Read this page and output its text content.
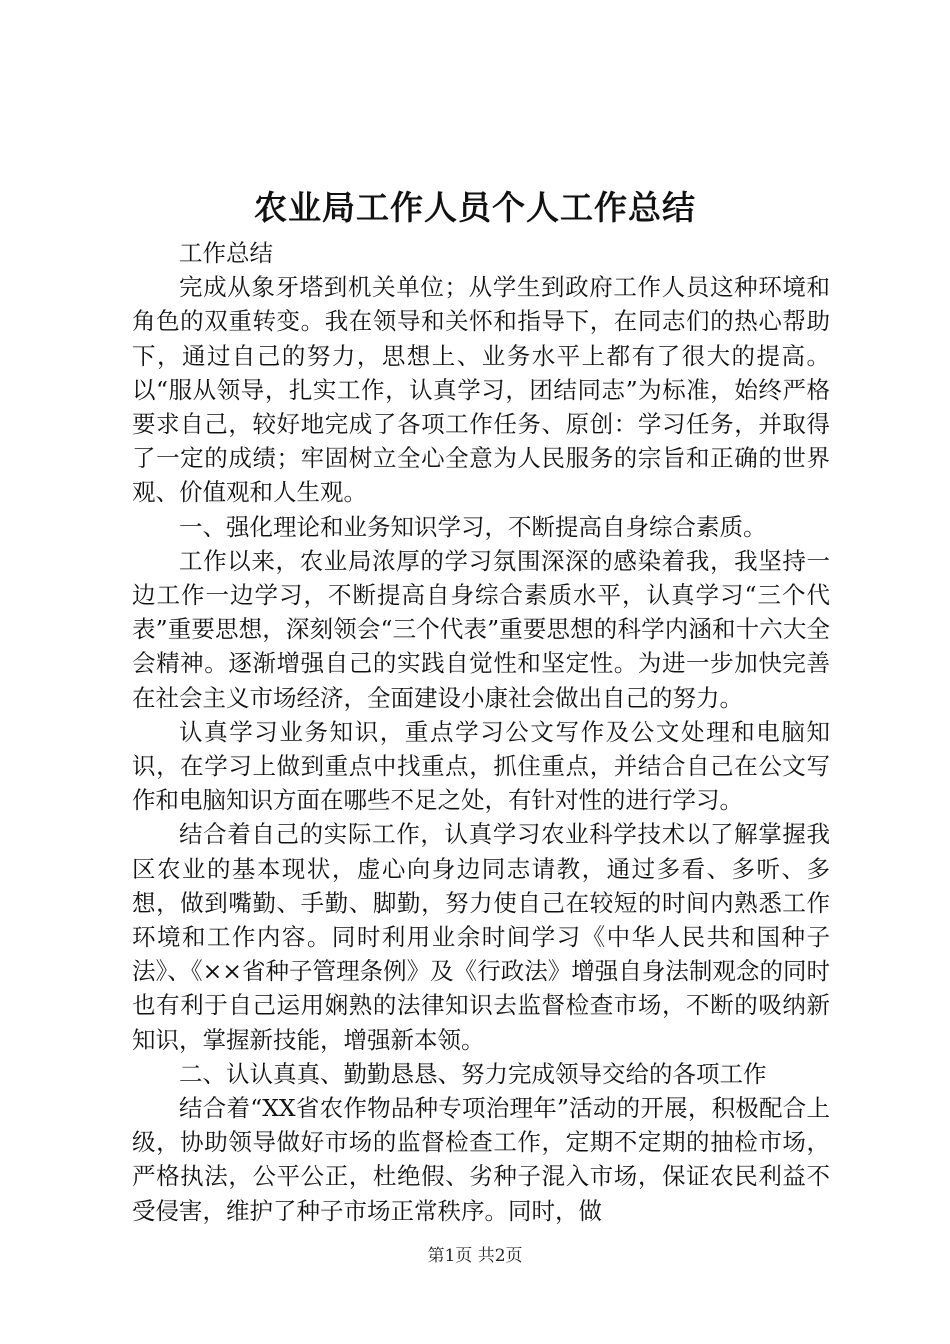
农业局工作人员个人工作总结

工作总结

完成从象牙塔到机关单位；从学生到政府工作人员这种环境和角色的双重转变。我在领导和关怀和指导下，在同志们的热心帮助下，通过自己的努力，思想上、业务水平上都有了很大的提高。以“服从领导，扎实工作，认真学习，团结同志”为标准，始终严格要求自己，较好地完成了各项工作任务、原创：学习任务，并取得了一定的成绩；牢固树立全心全意为人民服务的宗旨和正确的世界观、价值观和人生观。

一、强化理论和业务知识学习，不断提高自身综合素质。

工作以来，农业局浓厚的学习氛围深深的感染着我，我坚持一边工作一边学习，不断提高自身综合素质水平，认真学习“三个代表”重要思想，深刻领会“三个代表”重要思想的科学内涵和十六大全会精神。逐渐增强自己的实践自觉性和坚定性。为进一步加快完善在社会主义市场经济，全面建设小康社会做出自己的努力。

认真学习业务知识，重点学习公文写作及公文处理和电脑知识，在学习上做到重点中找重点，抓住重点，并结合自己在公文写作和电脑知识方面在哪些不足之处，有针对性的进行学习。

结合着自己的实际工作，认真学习农业科学技术以了解掌握我区农业的基本现状，虚心向身边同志请教，通过多看、多听、多想，做到嘴勤、手勤、脚勤，努力使自己在较短的时间内熟悉工作环境和工作内容。同时利用业余时间学习《中华人民共和国种子法》、《××省种子管理条例》及《行政法》增强自身法制观念的同时也有利于自己运用娴熟的法律知识去监督检查市场，不断的吸纳新知识，掌握新技能，增强新本领。

二、认认真真、勤勤恳恳、努力完成领导交给的各项工作

结合着“XX省农作物品种专项治理年”活动的开展，积极配合上级，协助领导做好市场的监督检查工作，定期不定期的抽检市场，严格执法，公平公正，杜绝假、劣种子混入市场，保证农民利益不受侵害，维护了种子市场正常秩序。同时，做

第1页 共2页
